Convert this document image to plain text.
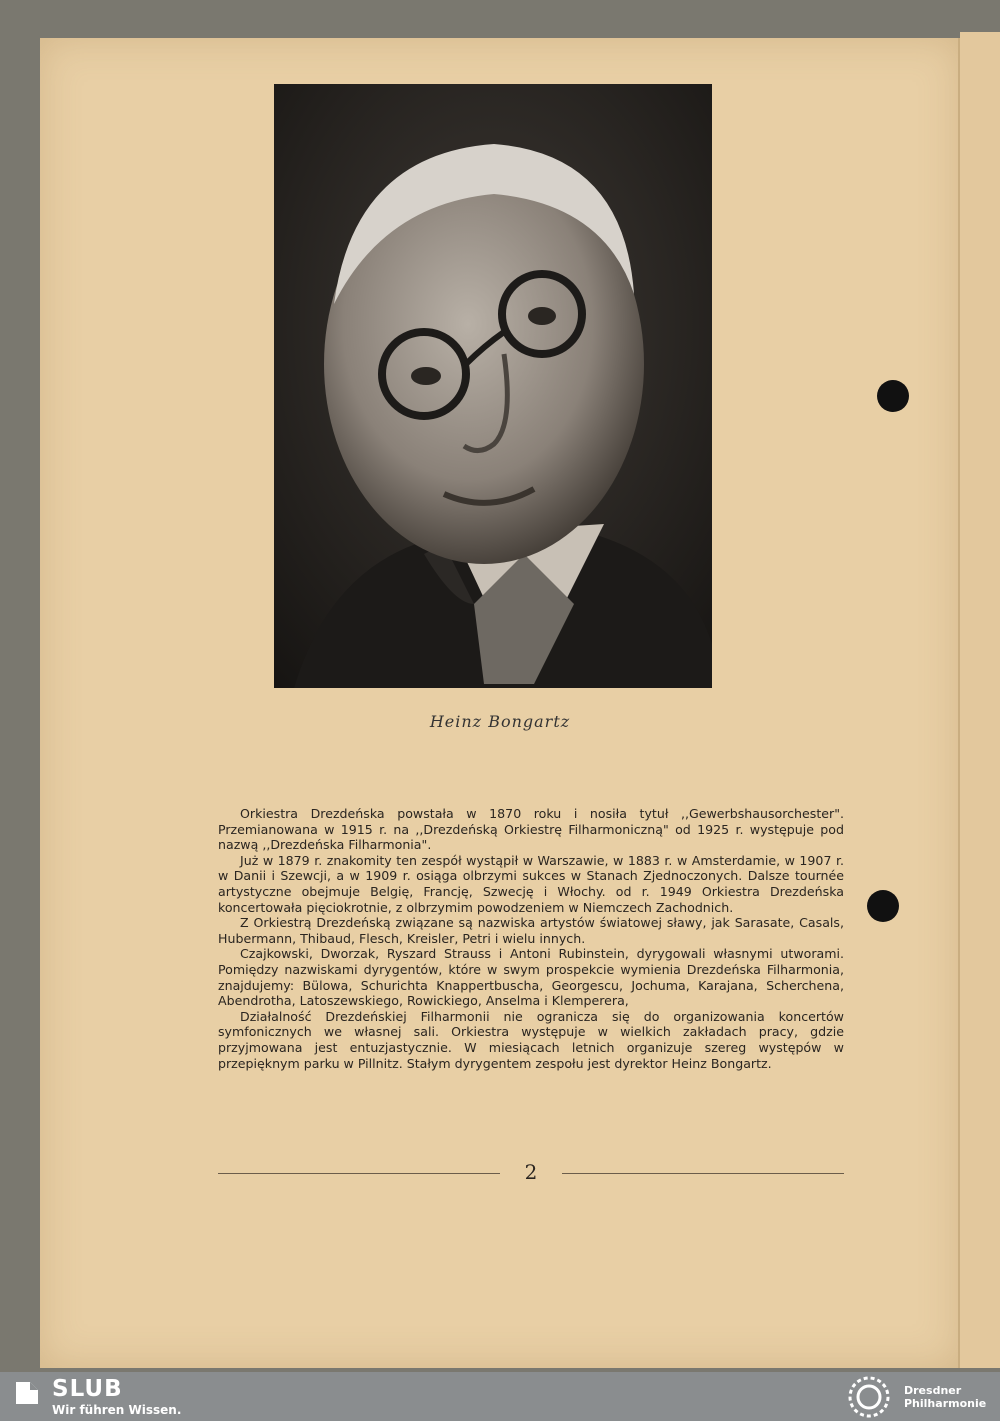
Heinz Bongartz

Orkiestra Drezdeńska powstała w 1870 roku i nosiła tytuł ,,Gewerbshausorchester". Przemianowana w 1915 r. na ,,Drezdeńską Orkiestrę Filharmoniczną" od 1925 r. występuje pod nazwą ,,Drezdeńska Filharmonia".

Już w 1879 r. znakomity ten zespół wystąpił w Warszawie, w 1883 r. w Amsterdamie, w 1907 r. w Danii i Szewcji, a w 1909 r. osiąga olbrzymi sukces w Stanach Zjednoczonych. Dalsze tournée artystyczne obejmuje Belgię, Francję, Szwecję i Włochy. od r. 1949 Orkiestra Drezdeńska koncertowała pięciokrotnie, z olbrzymim powodzeniem w Niemczech Zachodnich.

Z Orkiestrą Drezdeńską związane są nazwiska artystów światowej sławy, jak Sarasate, Casals, Hubermann, Thibaud, Flesch, Kreisler, Petri i wielu innych.

Czajkowski, Dworzak, Ryszard Strauss i Antoni Rubinstein, dyrygowali własnymi utworami. Pomiędzy nazwiskami dyrygentów, które w swym prospekcie wymienia Drezdeńska Filharmonia, znajdujemy: Bülowa, Schurichta Knappertbuscha, Georgescu, Jochuma, Karajana, Scherchena, Abendrotha, Latoszewskiego, Rowickiego, Anselma i Klemperera,

Działalność Drezdeńskiej Filharmonii nie ogranicza się do organizowania koncertów symfonicznych we własnej sali. Orkiestra występuje w wielkich zakładach pracy, gdzie przyjmowana jest entuzjastycznie. W miesiącach letnich organizuje szereg występów w przepięknym parku w Pillnitz. Stałym dyrygentem zespołu jest dyrektor Heinz Bongartz.

2
SLUB
Wir führen Wissen.
Dresdner
Philharmonie
